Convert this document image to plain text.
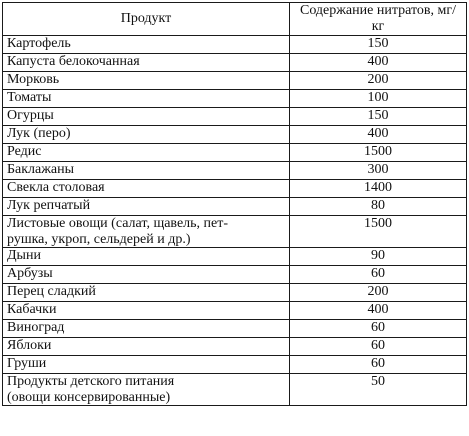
Продукт	Содержание нитратов, мг/кг
Картофель	150
Капуста белокочанная	400
Морковь	200
Томаты	100
Огурцы	150
Лук (перо)	400
Редис	1500
Баклажаны	300
Свекла столовая	1400
Лук репчатый	80
Листовые овощи (салат, щавель, пет-
рушка, укроп, сельдерей и др.)	1500
Дыни	90
Арбузы	60
Перец сладкий	200
Кабачки	400
Виноград	60
Яблоки	60
Груши	60
Продукты детского питания
(овощи консервированные)	50
